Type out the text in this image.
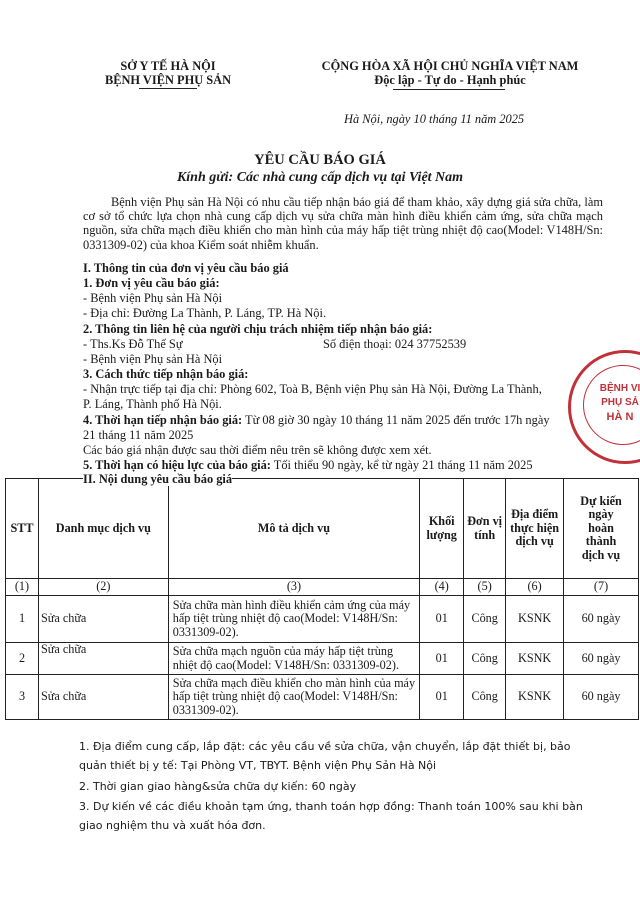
SỞ Y TẾ HÀ NỘI
BỆNH VIỆN PHỤ SẢN
CỘNG HÒA XÃ HỘI CHỦ NGHĨA VIỆT NAM
Độc lập - Tự do - Hạnh phúc
Hà Nội, ngày 10 tháng 11 năm 2025
YÊU CẦU BÁO GIÁ
Kính gửi: Các nhà cung cấp dịch vụ tại Việt Nam
Bệnh viện Phụ sản Hà Nội có nhu cầu tiếp nhận báo giá để tham khảo, xây dựng giá sửa chữa, làm cơ sở tổ chức lựa chọn nhà cung cấp dịch vụ sửa chữa màn hình điều khiển cảm ứng, sửa chữa mạch nguồn, sửa chữa mạch điều khiển cho màn hình của máy hấp tiệt trùng nhiệt độ cao(Model: V148H/Sn: 0331309-02) của khoa Kiểm soát nhiễm khuẩn.
I. Thông tin của đơn vị yêu cầu báo giá
1. Đơn vị yêu cầu báo giá:
- Bệnh viện Phụ sản Hà Nội
- Địa chỉ: Đường La Thành, P. Láng, TP. Hà Nội.
2. Thông tin liên hệ của người chịu trách nhiệm tiếp nhận báo giá:
- Ths.Ks Đỗ Thế Sự	Số điện thoại: 024 37752539
- Bệnh viện Phụ sản Hà Nội
3. Cách thức tiếp nhận báo giá:
- Nhận trực tiếp tại địa chỉ: Phòng 602, Toà B, Bệnh viện Phụ sản Hà Nội, Đường La Thành,
P. Láng, Thành phố Hà Nội.
4. Thời hạn tiếp nhận báo giá: Từ 08 giờ 30 ngày 10 tháng 11 năm 2025 đến trước 17h ngày
21 tháng 11 năm 2025
Các báo giá nhận được sau thời điểm nêu trên sẽ không được xem xét.
5. Thời hạn có hiệu lực của báo giá: Tối thiểu 90 ngày, kể từ ngày 21 tháng 11 năm 2025
II. Nội dung yêu cầu báo giá
BỆNH VI
PHỤ SẢ
HÀ N
STT	Danh mục dịch vụ	Mô tả dịch vụ	Khối
lượng	Đơn vị
tính	Địa điểm
thực hiện
dịch vụ	Dự kiến
ngày
hoàn
thành
dịch vụ
(1)	(2)	(3)	(4)	(5)	(6)	(7)
1	Sửa chữa	Sửa chữa màn hình điều khiển cảm ứng của máy hấp tiệt trùng nhiệt độ cao(Model: V148H/Sn: 0331309-02).	01	Công	KSNK	60 ngày
2	Sửa chữa	Sửa chữa mạch nguồn của máy hấp tiệt trùng nhiệt độ cao(Model: V148H/Sn: 0331309-02).	01	Công	KSNK	60 ngày
3	Sửa chữa	Sửa chữa mạch điều khiển cho màn hình của máy hấp tiệt trùng nhiệt độ cao(Model: V148H/Sn: 0331309-02).	01	Công	KSNK	60 ngày
1. Địa điểm cung cấp, lắp đặt: các yêu cầu về sửa chữa, vận chuyển, lắp đặt thiết bị, bảo quản thiết bị y tế: Tại Phòng VT, TBYT. Bệnh viện Phụ Sản Hà Nội
2. Thời gian giao hàng&sửa chữa dự kiến: 60 ngày
3. Dự kiến về các điều khoản tạm ứng, thanh toán hợp đồng: Thanh toán 100% sau khi bàn giao nghiệm thu và xuất hóa đơn.
